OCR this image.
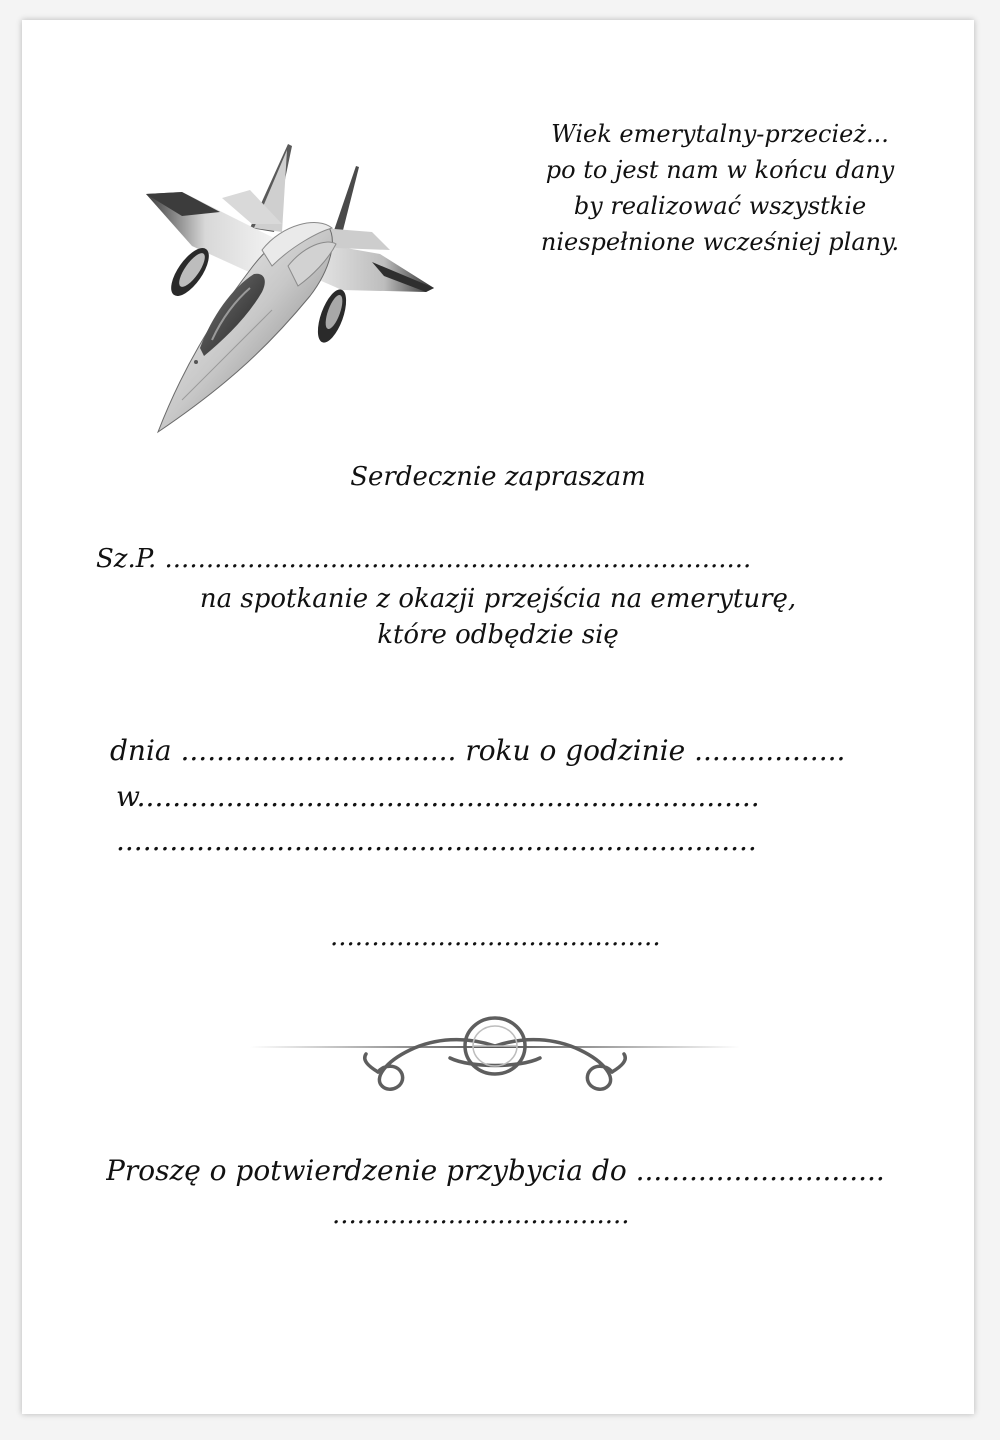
Wiek emerytalny-przecież...
po to jest nam w końcu dany
by realizować wszystkie
niespełnione wcześniej plany.
Serdecznie zapraszam
Sz.P. .......................................................................
na spotkanie z okazji przejścia na emeryturę,
które odbędzie się
dnia ............................... roku o godzinie .................
w......................................................................
........................................................................
........................................
Proszę o potwierdzenie przybycia do ............................
....................................
